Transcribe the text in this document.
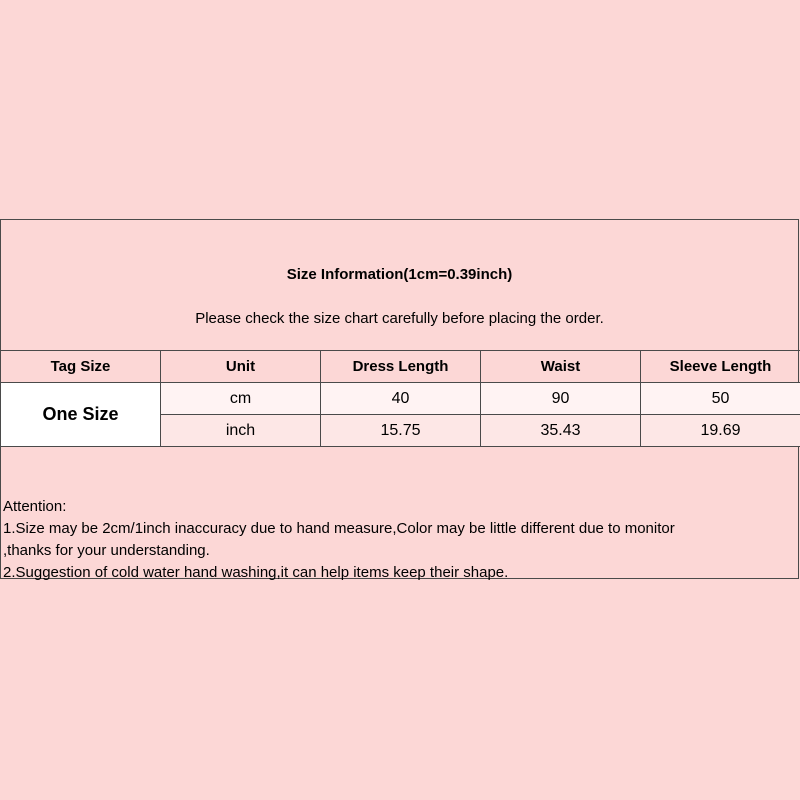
Size Information(1cm=0.39inch)
Please check the size chart carefully before placing the order.
Tag Size	Unit	Dress Length	Waist	Sleeve Length
One Size	cm	40	90	50
	inch	15.75	35.43	19.69
Attention:
1.Size may be 2cm/1inch inaccuracy due to hand measure,Color may be little different due to monitor
,thanks for your understanding.
2.Suggestion of cold water hand washing,it can help items keep their shape.
